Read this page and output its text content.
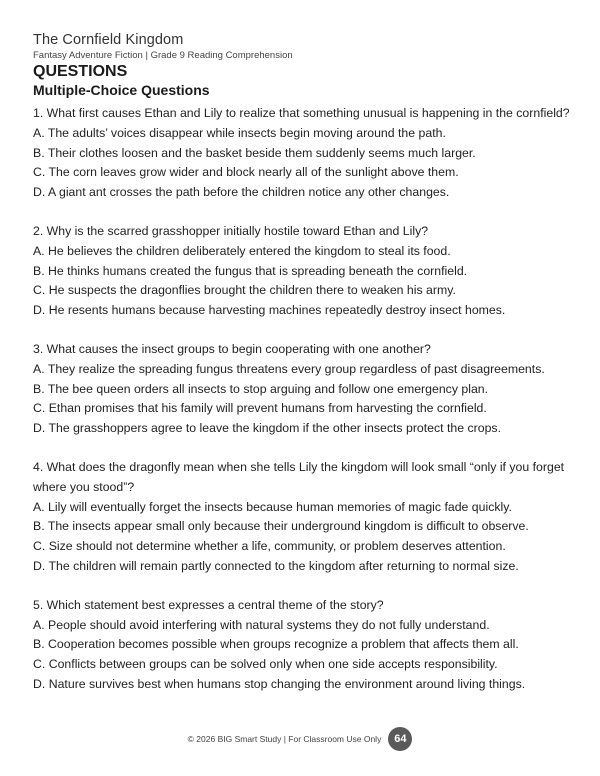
The Cornfield Kingdom
Fantasy Adventure Fiction | Grade 9 Reading Comprehension
QUESTIONS
Multiple-Choice Questions
1. What first causes Ethan and Lily to realize that something unusual is happening in the cornfield?
A. The adults’ voices disappear while insects begin moving around the path.
B. Their clothes loosen and the basket beside them suddenly seems much larger.
C. The corn leaves grow wider and block nearly all of the sunlight above them.
D. A giant ant crosses the path before the children notice any other changes.
2. Why is the scarred grasshopper initially hostile toward Ethan and Lily?
A. He believes the children deliberately entered the kingdom to steal its food.
B. He thinks humans created the fungus that is spreading beneath the cornfield.
C. He suspects the dragonflies brought the children there to weaken his army.
D. He resents humans because harvesting machines repeatedly destroy insect homes.
3. What causes the insect groups to begin cooperating with one another?
A. They realize the spreading fungus threatens every group regardless of past disagreements.
B. The bee queen orders all insects to stop arguing and follow one emergency plan.
C. Ethan promises that his family will prevent humans from harvesting the cornfield.
D. The grasshoppers agree to leave the kingdom if the other insects protect the crops.
4. What does the dragonfly mean when she tells Lily the kingdom will look small “only if you forget where you stood”?
A. Lily will eventually forget the insects because human memories of magic fade quickly.
B. The insects appear small only because their underground kingdom is difficult to observe.
C. Size should not determine whether a life, community, or problem deserves attention.
D. The children will remain partly connected to the kingdom after returning to normal size.
5. Which statement best expresses a central theme of the story?
A. People should avoid interfering with natural systems they do not fully understand.
B. Cooperation becomes possible when groups recognize a problem that affects them all.
C. Conflicts between groups can be solved only when one side accepts responsibility.
D. Nature survives best when humans stop changing the environment around living things.
© 2026 BIG Smart Study | For Classroom Use Only	64
